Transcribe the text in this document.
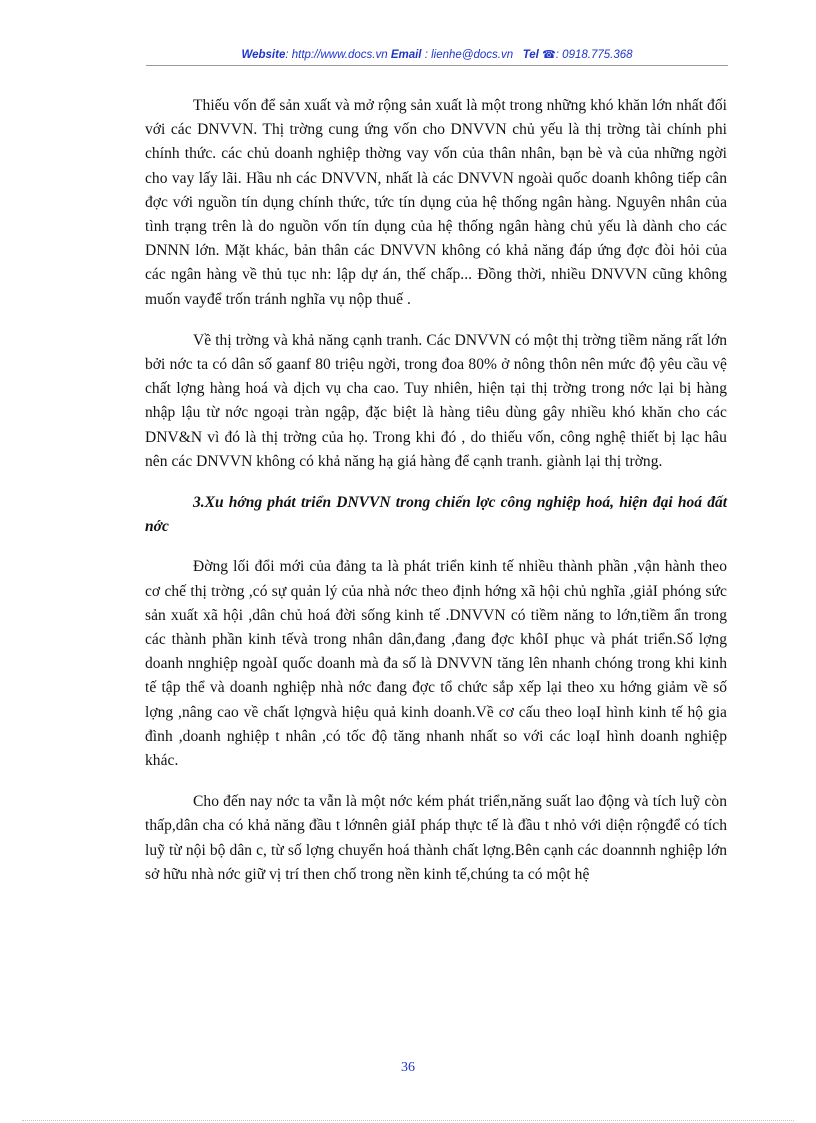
Website: http://www.docs.vn Email : lienhe@docs.vn Tel ☎: 0918.775.368

Thiếu vốn để sản xuất và mở rộng sản xuất là một trong những khó khăn lớn nhất đối với các DNVVN. Thị trờng cung ứng vốn cho DNVVN chủ yếu là thị trờng tài chính phi chính thức. các chủ doanh nghiệp thờng vay vốn của thân nhân, bạn bè và của những ngời cho vay lấy lãi. Hầu nh các DNVVN, nhất là các DNVVN ngoài quốc doanh không tiếp cân đợc với nguồn tín dụng chính thức, tức tín dụng của hệ thống ngân hàng. Nguyên nhân của tình trạng trên là do nguồn vốn tín dụng của hệ thống ngân hàng chủ yếu là dành cho các DNNN lớn. Mặt khác, bản thân các DNVVN không có khả năng đáp ứng đợc đòi hỏi của các ngân hàng về thủ tục nh: lập dự án, thế chấp... Đồng thời, nhiều DNVVN cũng không muốn vayđể trốn tránh nghĩa vụ nộp thuế .

Về thị trờng và khả năng cạnh tranh. Các DNVVN có một thị trờng tiềm năng rất lớn bởi nớc ta có dân số gaanf 80 triệu ngời, trong đoa 80% ở nông thôn nên mức độ yêu cầu vệ chất lợng hàng hoá và dịch vụ cha cao. Tuy nhiên, hiện tại thị trờng trong nớc lại bị hàng nhập lậu từ nớc ngoại tràn ngập, đặc biệt là hàng tiêu dùng gây nhiều khó khăn cho các DNV&N vì đó là thị trờng của họ. Trong khi đó , do thiếu vốn, công nghệ thiết bị lạc hâu nên các DNVVN không có khả năng hạ giá hàng để cạnh tranh. giành lại thị trờng.

3.Xu hớng phát triển DNVVN trong chiến lợc công nghiệp hoá, hiện đại hoá đất nớc

Đờng lối đổi mới của đảng ta là phát triển kinh tế nhiều thành phần ,vận hành theo cơ chế thị trờng ,có sự quản lý của nhà nớc theo định hớng xã hội chủ nghĩa ,giảI phóng sức sản xuất xã hội ,dân chủ hoá đời sống kinh tế .DNVVN có tiềm năng to lớn,tiềm ẩn trong các thành phần kinh tếvà trong nhân dân,đang ,đang đợc khôI phục và phát triển.Số lợng doanh nnghiệp ngoàI quốc doanh mà đa số là DNVVN tăng lên nhanh chóng trong khi kinh tế tập thể và doanh nghiệp nhà nớc đang đợc tổ chức sắp xếp lại theo xu hớng giảm về số lợng ,nâng cao về chất lợngvà hiệu quả kinh doanh.Về cơ cấu theo loạI hình kinh tế hộ gia đình ,doanh nghiệp t nhân ,có tốc độ tăng nhanh nhất so với các loạI hình doanh nghiệp khác.

Cho đến nay nớc ta vẫn là một nớc kém phát triển,năng suất lao động và tích luỹ còn thấp,dân cha có khả năng đầu t lớnnên giảI pháp thực tế là đầu t nhỏ với diện rộngđể có tích luỹ từ nội bộ dân c, từ số lợng chuyển hoá thành chất lợng.Bên cạnh các doannnh nghiệp lớn sở hữu nhà nớc giữ vị trí then chố trong nền kinh tế,chúng ta có một hệ

36
